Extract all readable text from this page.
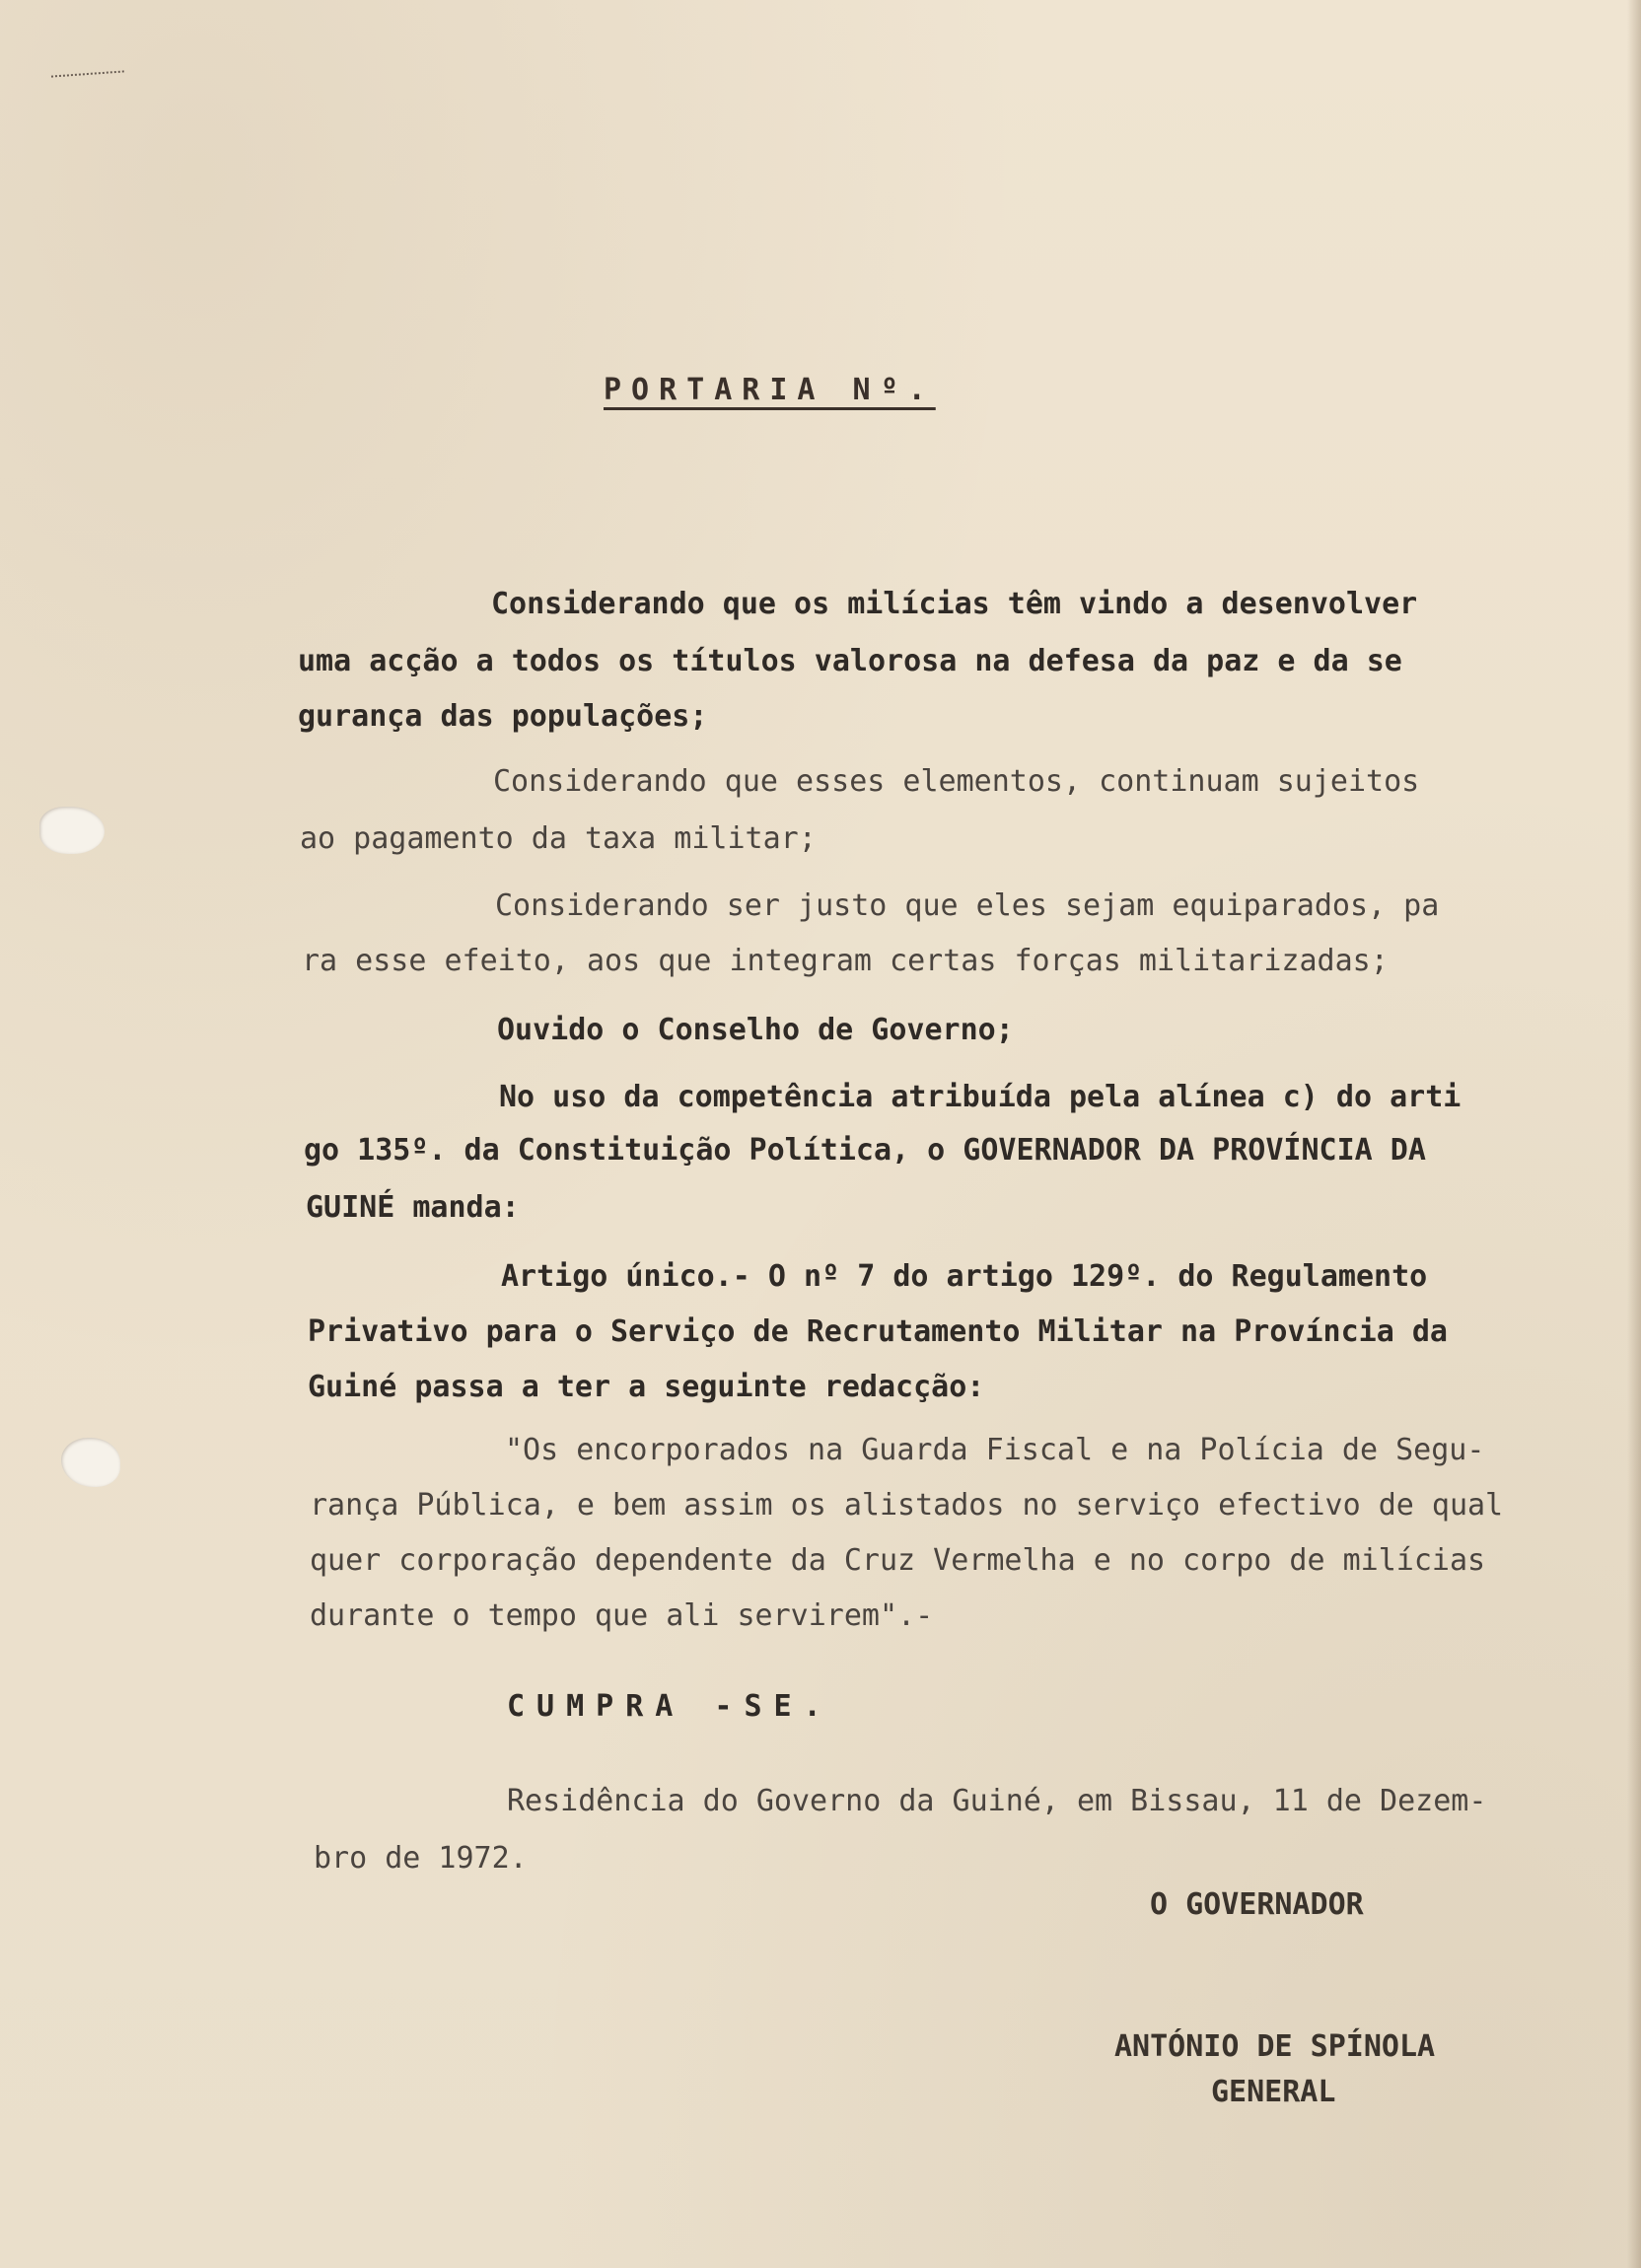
PORTARIA Nº.
Considerando que os milícias têm vindo a desenvolver
uma acção a todos os títulos valorosa na defesa da paz e da se
gurança das populações;
Considerando que esses elementos, continuam sujeitos
ao pagamento da taxa militar;
Considerando ser justo que eles sejam equiparados, pa
ra esse efeito, aos que integram certas forças militarizadas;
Ouvido o Conselho de Governo;
No uso da competência atribuída pela alínea c) do arti
go 135º. da Constituição Política, o GOVERNADOR DA PROVÍNCIA DA
GUINÉ manda:
Artigo único.- O nº 7 do artigo 129º. do Regulamento
Privativo para o Serviço de Recrutamento Militar na Província da
Guiné passa a ter a seguinte redacção:
"Os encorporados na Guarda Fiscal e na Polícia de Segu-
rança Pública, e bem assim os alistados no serviço efectivo de qual
quer corporação dependente da Cruz Vermelha e no corpo de milícias
durante o tempo que ali servirem".-
CUMPRA -SE.
Residência do Governo da Guiné, em Bissau, 11 de Dezem-
bro de 1972.
O GOVERNADOR
ANTÓNIO DE SPÍNOLA
GENERAL
